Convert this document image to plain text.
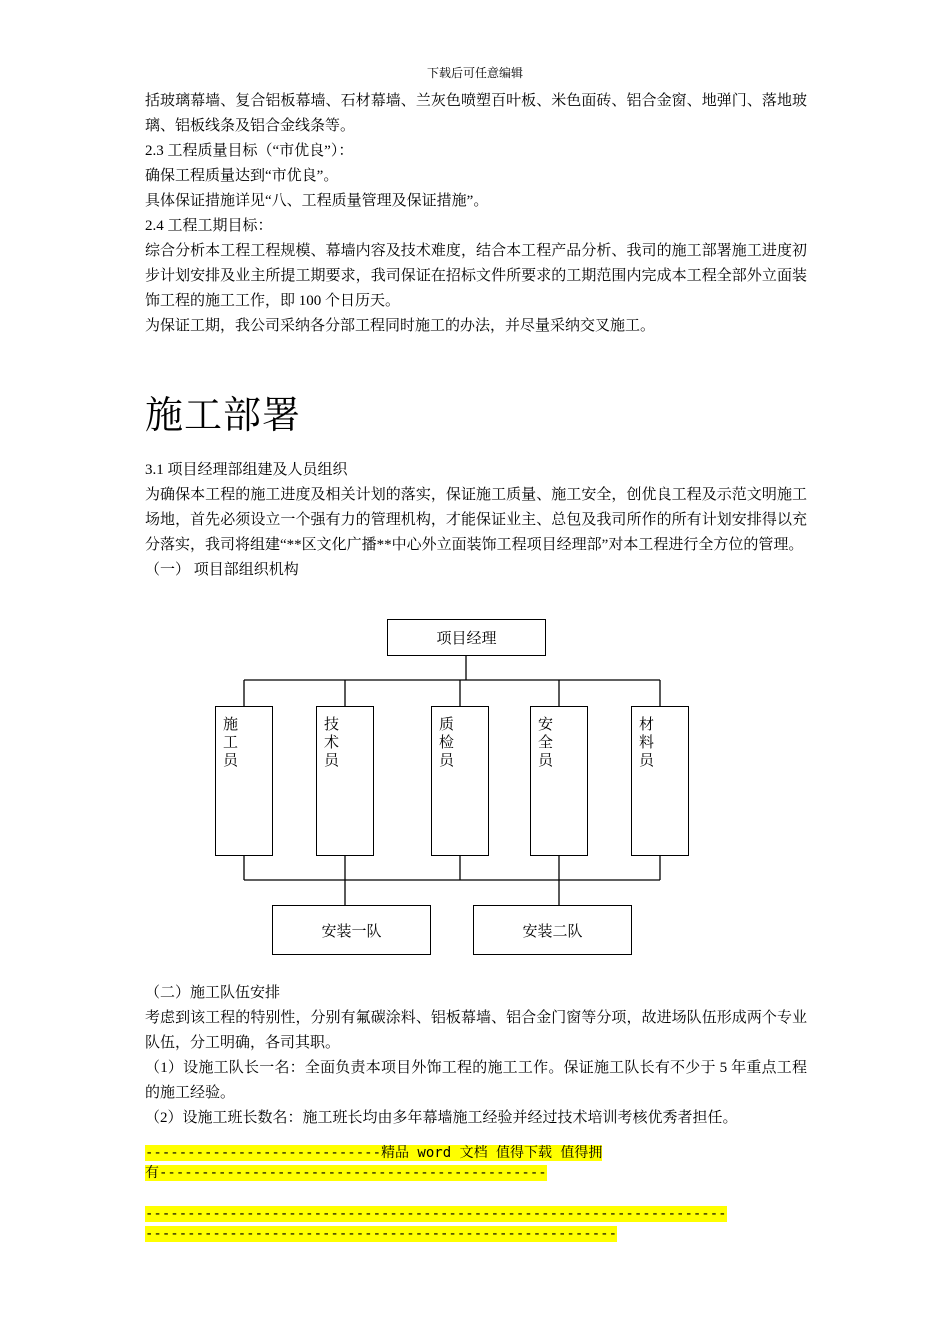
下载后可任意编辑

括玻璃幕墙、复合铝板幕墙、石材幕墙、兰灰色喷塑百叶板、米色面砖、铝合金窗、地弹门、落地玻璃、铝板线条及铝合金线条等。

2.3 工程质量目标（“市优良”）：

确保工程质量达到“市优良”。

具体保证措施详见“八、工程质量管理及保证措施”。

2.4 工程工期目标：

综合分析本工程工程规模、幕墙内容及技术难度，结合本工程产品分析、我司的施工部署施工进度初步计划安排及业主所提工期要求，我司保证在招标文件所要求的工期范围内完成本工程全部外立面装饰工程的施工工作，即 100 个日历天。

为保证工期，我公司采纳各分部工程同时施工的办法，并尽量采纳交叉施工。

施工部署

3.1 项目经理部组建及人员组织

为确保本工程的施工进度及相关计划的落实，保证施工质量、施工安全，创优良工程及示范文明施工场地，首先必须设立一个强有力的管理机构，才能保证业主、总包及我司所作的所有计划安排得以充分落实，我司将组建“**区文化广播**中心外立面装饰工程项目经理部”对本工程进行全方位的管理。

（一） 项目部组织机构

项目经理
施工员
技术员
质检员
安全员
材料员
安装一队	安装二队

（二）施工队伍安排

考虑到该工程的特别性，分别有氟碳涂料、铝板幕墙、铝合金门窗等分项，故进场队伍形成两个专业队伍，分工明确，各司其职。

（1）设施工队长一名：全面负责本项目外饰工程的施工工作。保证施工队长有不少于 5 年重点工程的施工经验。

（2）设施工班长数名：施工班长均由多年幕墙施工经验并经过技术培训考核优秀者担任。

----------------------------精品 word 文档 值得下载 值得拥
有----------------------------------------------
---------------------------------------------------------------------
--------------------------------------------------------
